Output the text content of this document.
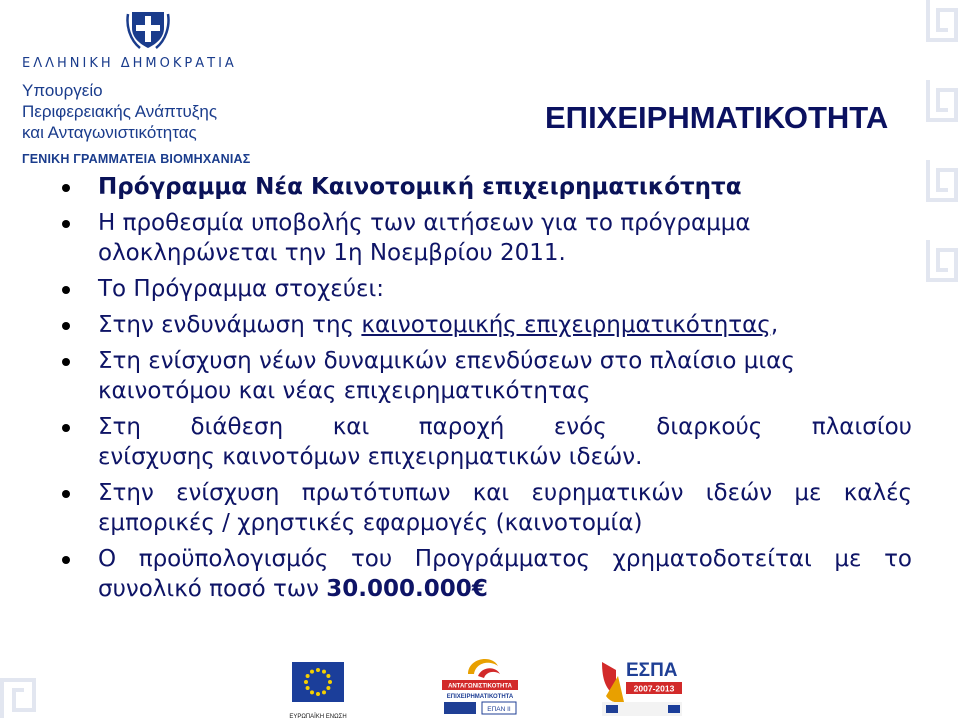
ΕΛΛΗΝΙΚΗ ΔΗΜΟΚΡΑΤΙΑ
Υπουργείο
Περιφερειακής Ανάπτυξης
και Ανταγωνιστικότητας
ΓΕΝΙΚΗ ΓΡΑΜΜΑΤΕΙΑ ΒΙΟΜΗΧΑΝΙΑΣ
ΕΠΙΧΕΙΡΗΜΑΤΙΚΟΤΗΤΑ
Πρόγραμμα Νέα Καινοτομική επιχειρηματικότητα
Η προθεσμία υποβολής των αιτήσεων για το πρόγραμμα ολοκληρώνεται την 1η Νοεμβρίου 2011.
Το Πρόγραμμα στοχεύει:
Στην ενδυνάμωση της καινοτομικής επιχειρηματικότητας,
Στη ενίσχυση νέων δυναμικών επενδύσεων στο πλαίσιο μιας καινοτόμου και νέας επιχειρηματικότητας
Στη διάθεση και παροχή ενός διαρκούς πλαισίου
ενίσχυσης καινοτόμων επιχειρηματικών ιδεών.
Στην ενίσχυση πρωτότυπων και ευρηματικών ιδεών με καλές εμπορικές / χρηστικές εφαρμογές (καινοτομία)
Ο προϋπολογισμός του Προγράμματος χρηματοδοτείται με το συνολικό ποσό των 30.000.000€
ΕΥΡΩΠΑΪΚΗ ΕΝΩΣΗ
ΑΝΤΑΓΩΝΙΣΤΙΚΟΤΗΤΑ
ΕΠΙΧΕΙΡΗΜΑΤΙΚΟΤΗΤΑ
ΕΠΑΝ ΙΙ
ΕΣΠΑ
2007-2013
